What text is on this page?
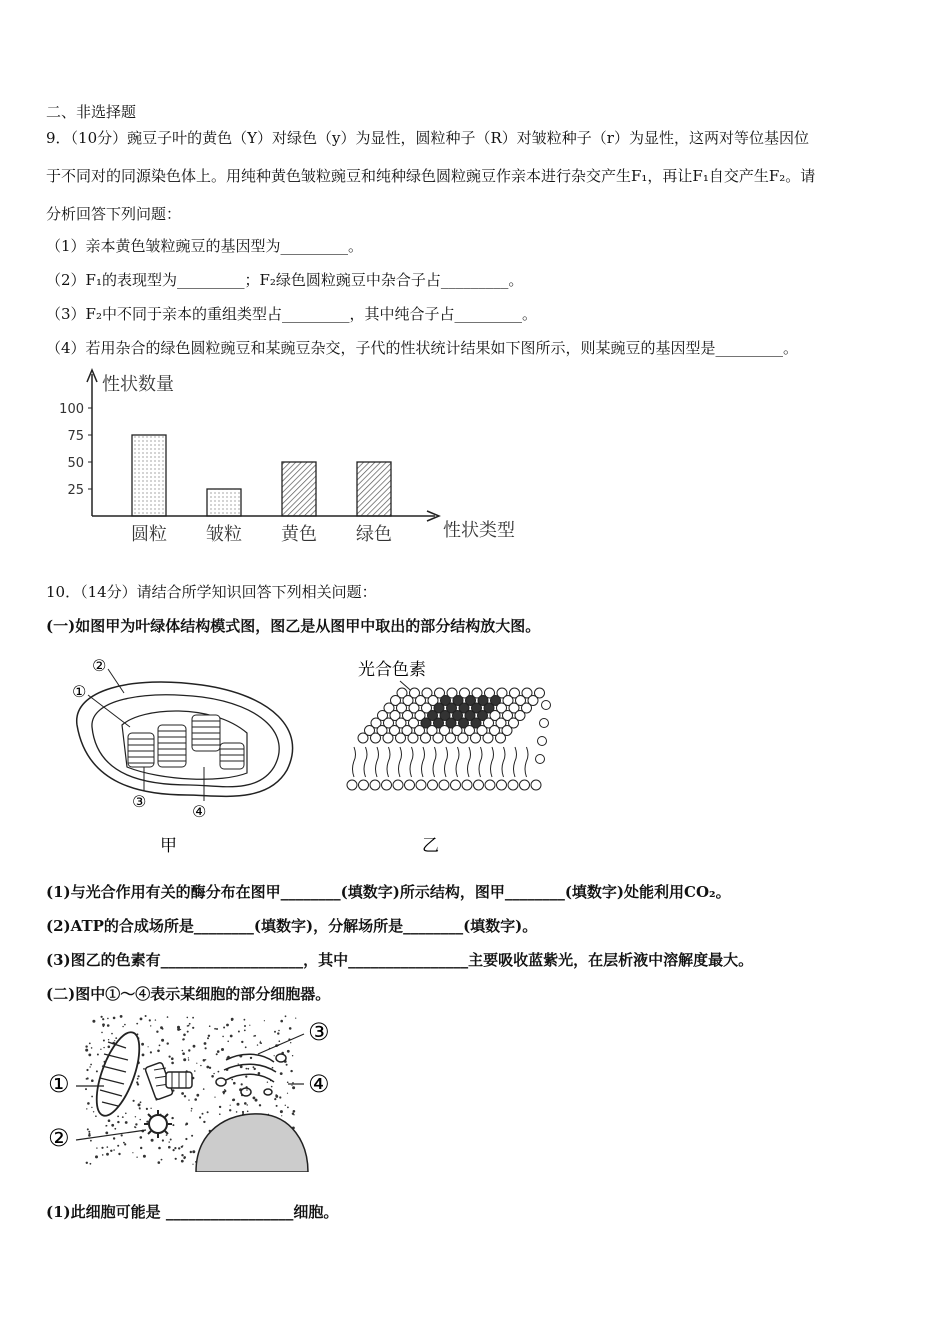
二、非选择题
9．（10分）豌豆子叶的黄色（Y）对绿色（y）为显性，圆粒种子（R）对皱粒种子（r）为显性，这两对等位基因位
于不同对的同源染色体上。用纯种黄色皱粒豌豆和纯种绿色圆粒豌豆作亲本进行杂交产生F₁，再让F₁自交产生F₂。请
分析回答下列问题：
（1）亲本黄色皱粒豌豆的基因型为_________。
（2）F₁的表现型为_________；F₂绿色圆粒豌豆中杂合子占_________。
（3）F₂中不同于亲本的重组类型占_________，其中纯合子占_________。
（4）若用杂合的绿色圆粒豌豆和某豌豆杂交，子代的性状统计结果如下图所示，则某豌豆的基因型是_________。
性状数量
性状类型
25
50
75
100
圆粒 皱粒 黄色 绿色
10．（14分）请结合所学知识回答下列相关问题：
(一)如图甲为叶绿体结构模式图，图乙是从图甲中取出的部分结构放大图。
②
①
③
④
甲
光合色素
乙
(1)与光合作用有关的酶分布在图甲________(填数字)所示结构，图甲________(填数字)处能利用CO₂。
(2)ATP的合成场所是________(填数字)，分解场所是________(填数字)。
(3)图乙的色素有___________________，其中________________主要吸收蓝紫光，在层析液中溶解度最大。
(二)图中①～④表示某细胞的部分细胞器。
①
②
③
④
(1)此细胞可能是 _________________细胞。
